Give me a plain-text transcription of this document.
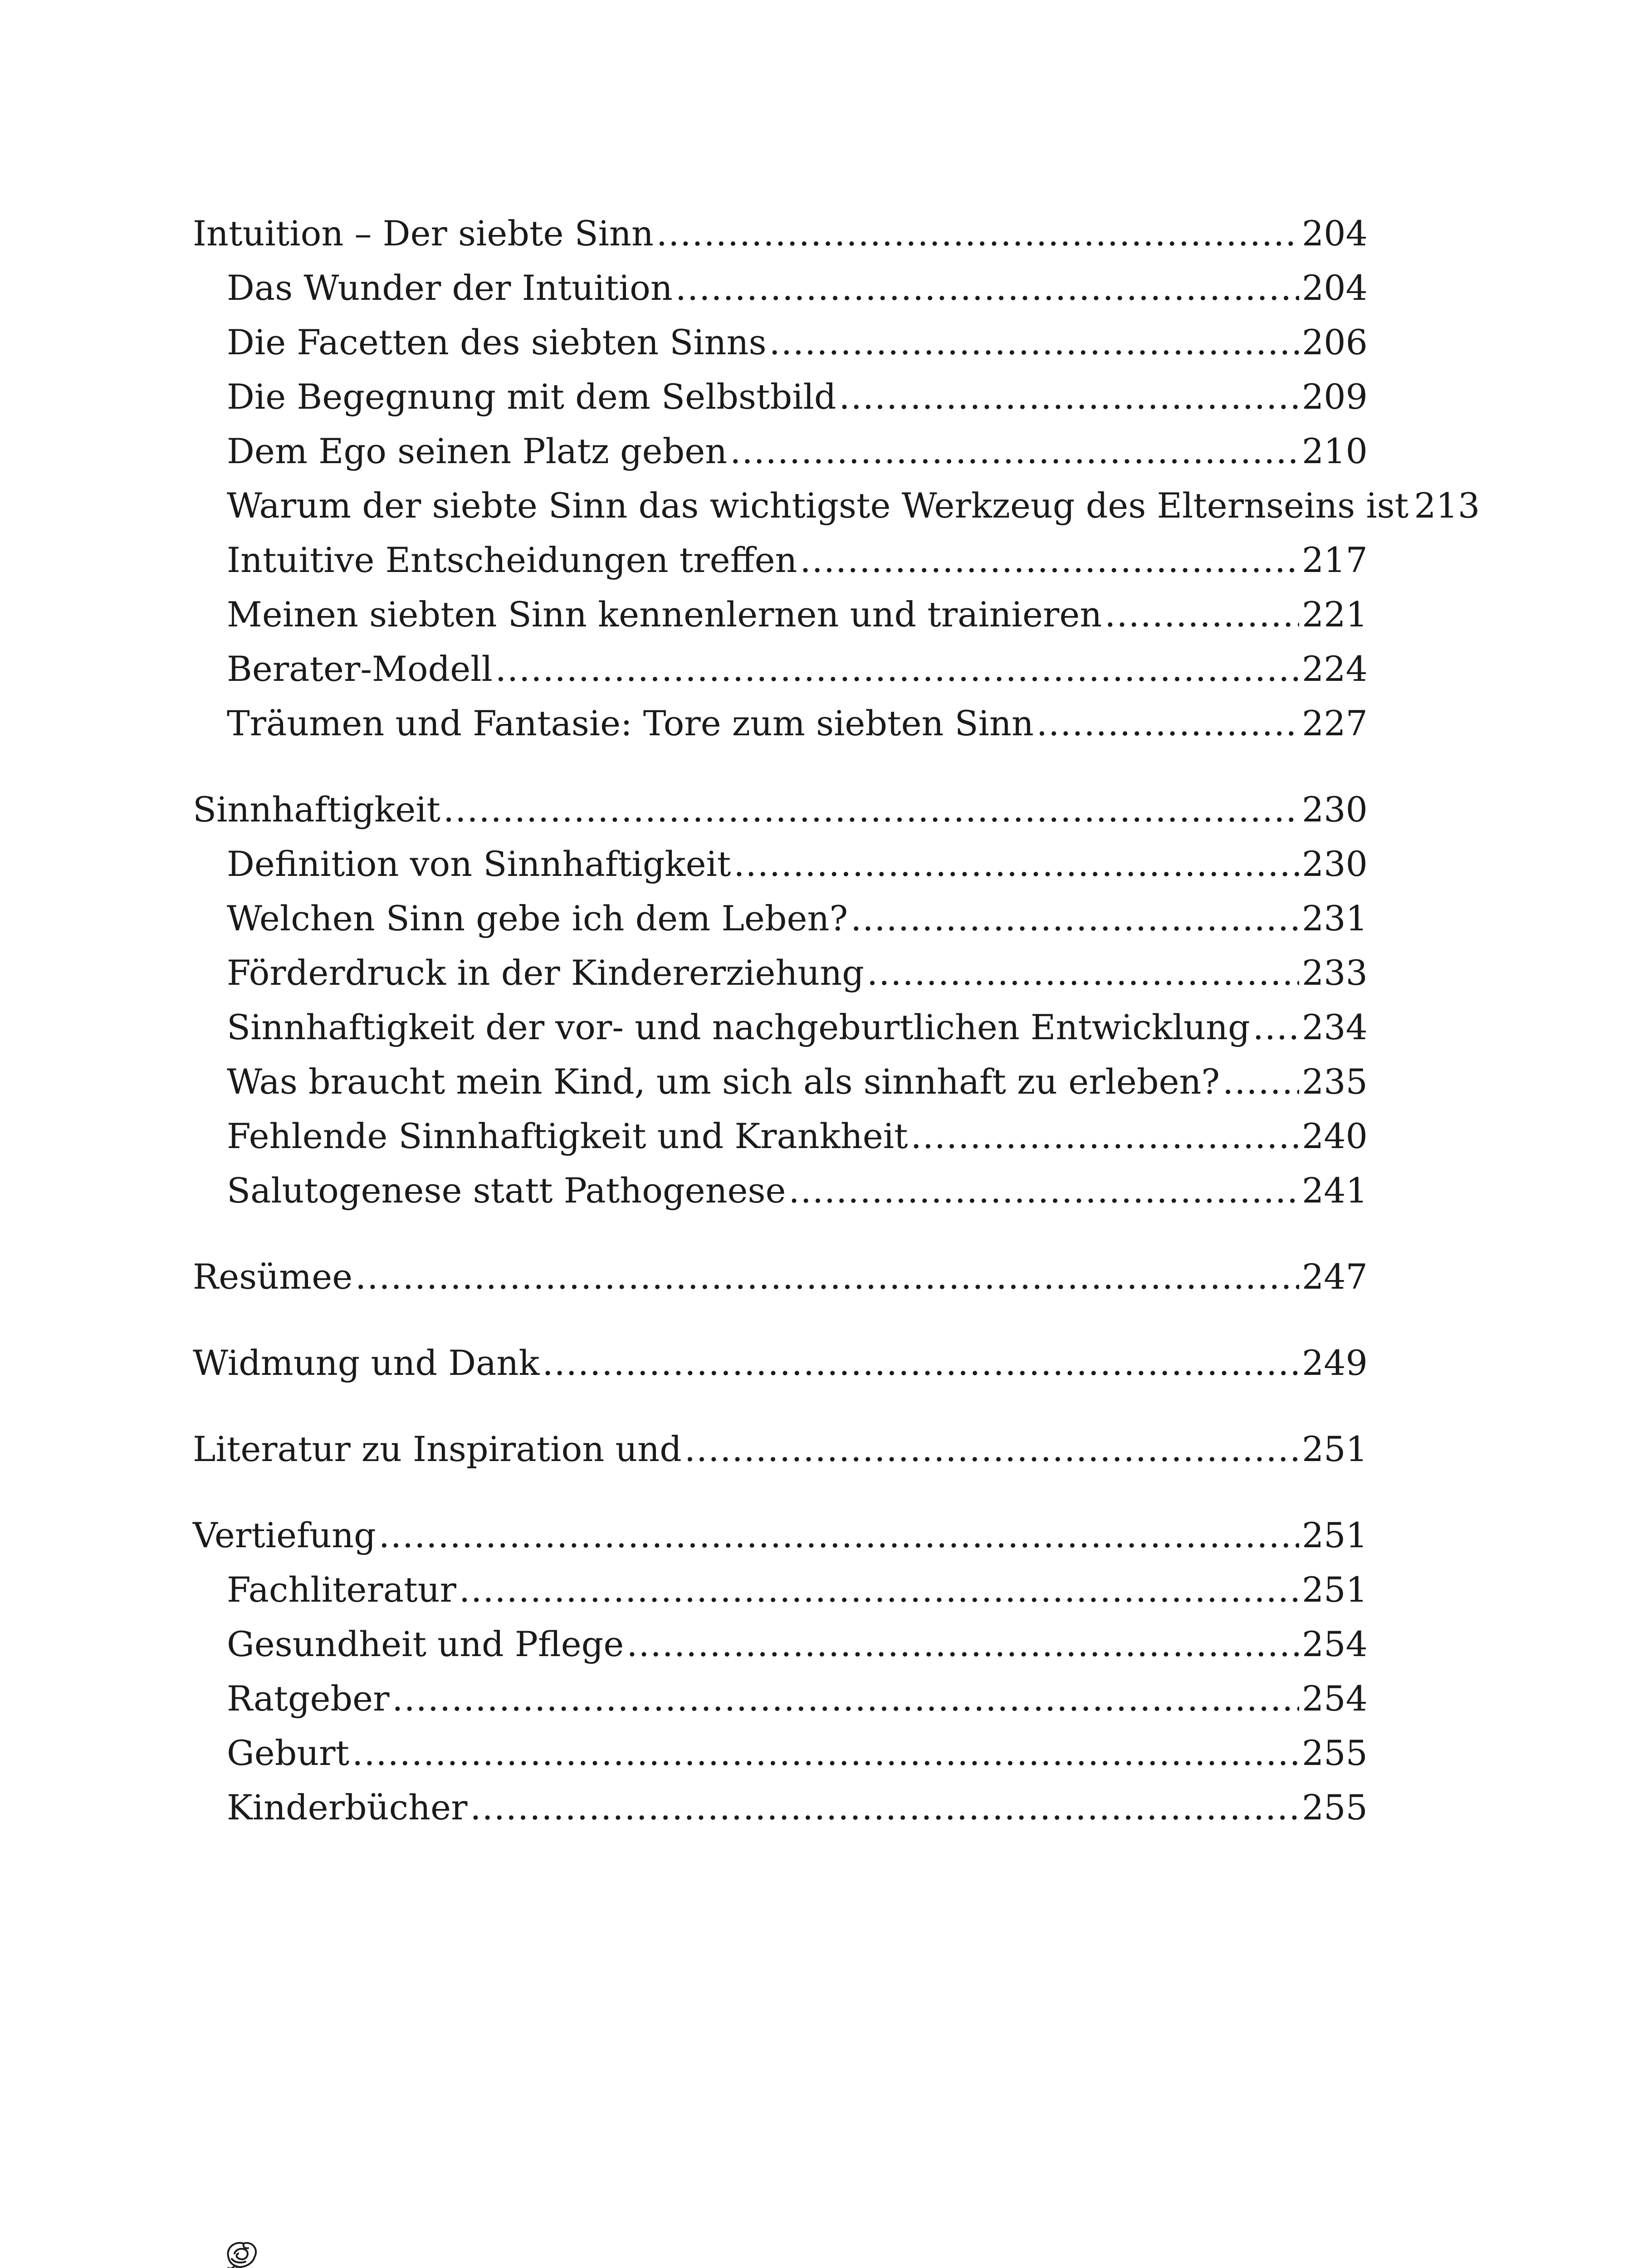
Intuition – Der siebte Sinn .....	204
Das Wunder der Intuition .....	204
Die Facetten des siebten Sinns .....	206
Die Begegnung mit dem Selbstbild .....	209
Dem Ego seinen Platz geben .....	210
Warum der siebte Sinn das wichtigste Werkzeug des Elternseins ist 213
Intuitive Entscheidungen treffen .....	217
Meinen siebten Sinn kennenlernen und trainieren .....	221
Berater-Modell .....	224
Träumen und Fantasie: Tore zum siebten Sinn .....	227
Sinnhaftigkeit .....	230
Definition von Sinnhaftigkeit .....	230
Welchen Sinn gebe ich dem Leben? .....	231
Förderdruck in der Kindererziehung .....	233
Sinnhaftigkeit der vor- und nachgeburtlichen Entwicklung ..... 234
Was braucht mein Kind, um sich als sinnhaft zu erleben? ..... 235
Fehlende Sinnhaftigkeit und Krankheit .....	240
Salutogenese statt Pathogenese .....	241
Resümee .....	247
Widmung und Dank .....	249
Literatur zu Inspiration und .....	251
Vertiefung .....	251
Fachliteratur .....	251
Gesundheit und Pflege .....	254
Ratgeber .....	254
Geburt .....	255
Kinderbücher .....	255
